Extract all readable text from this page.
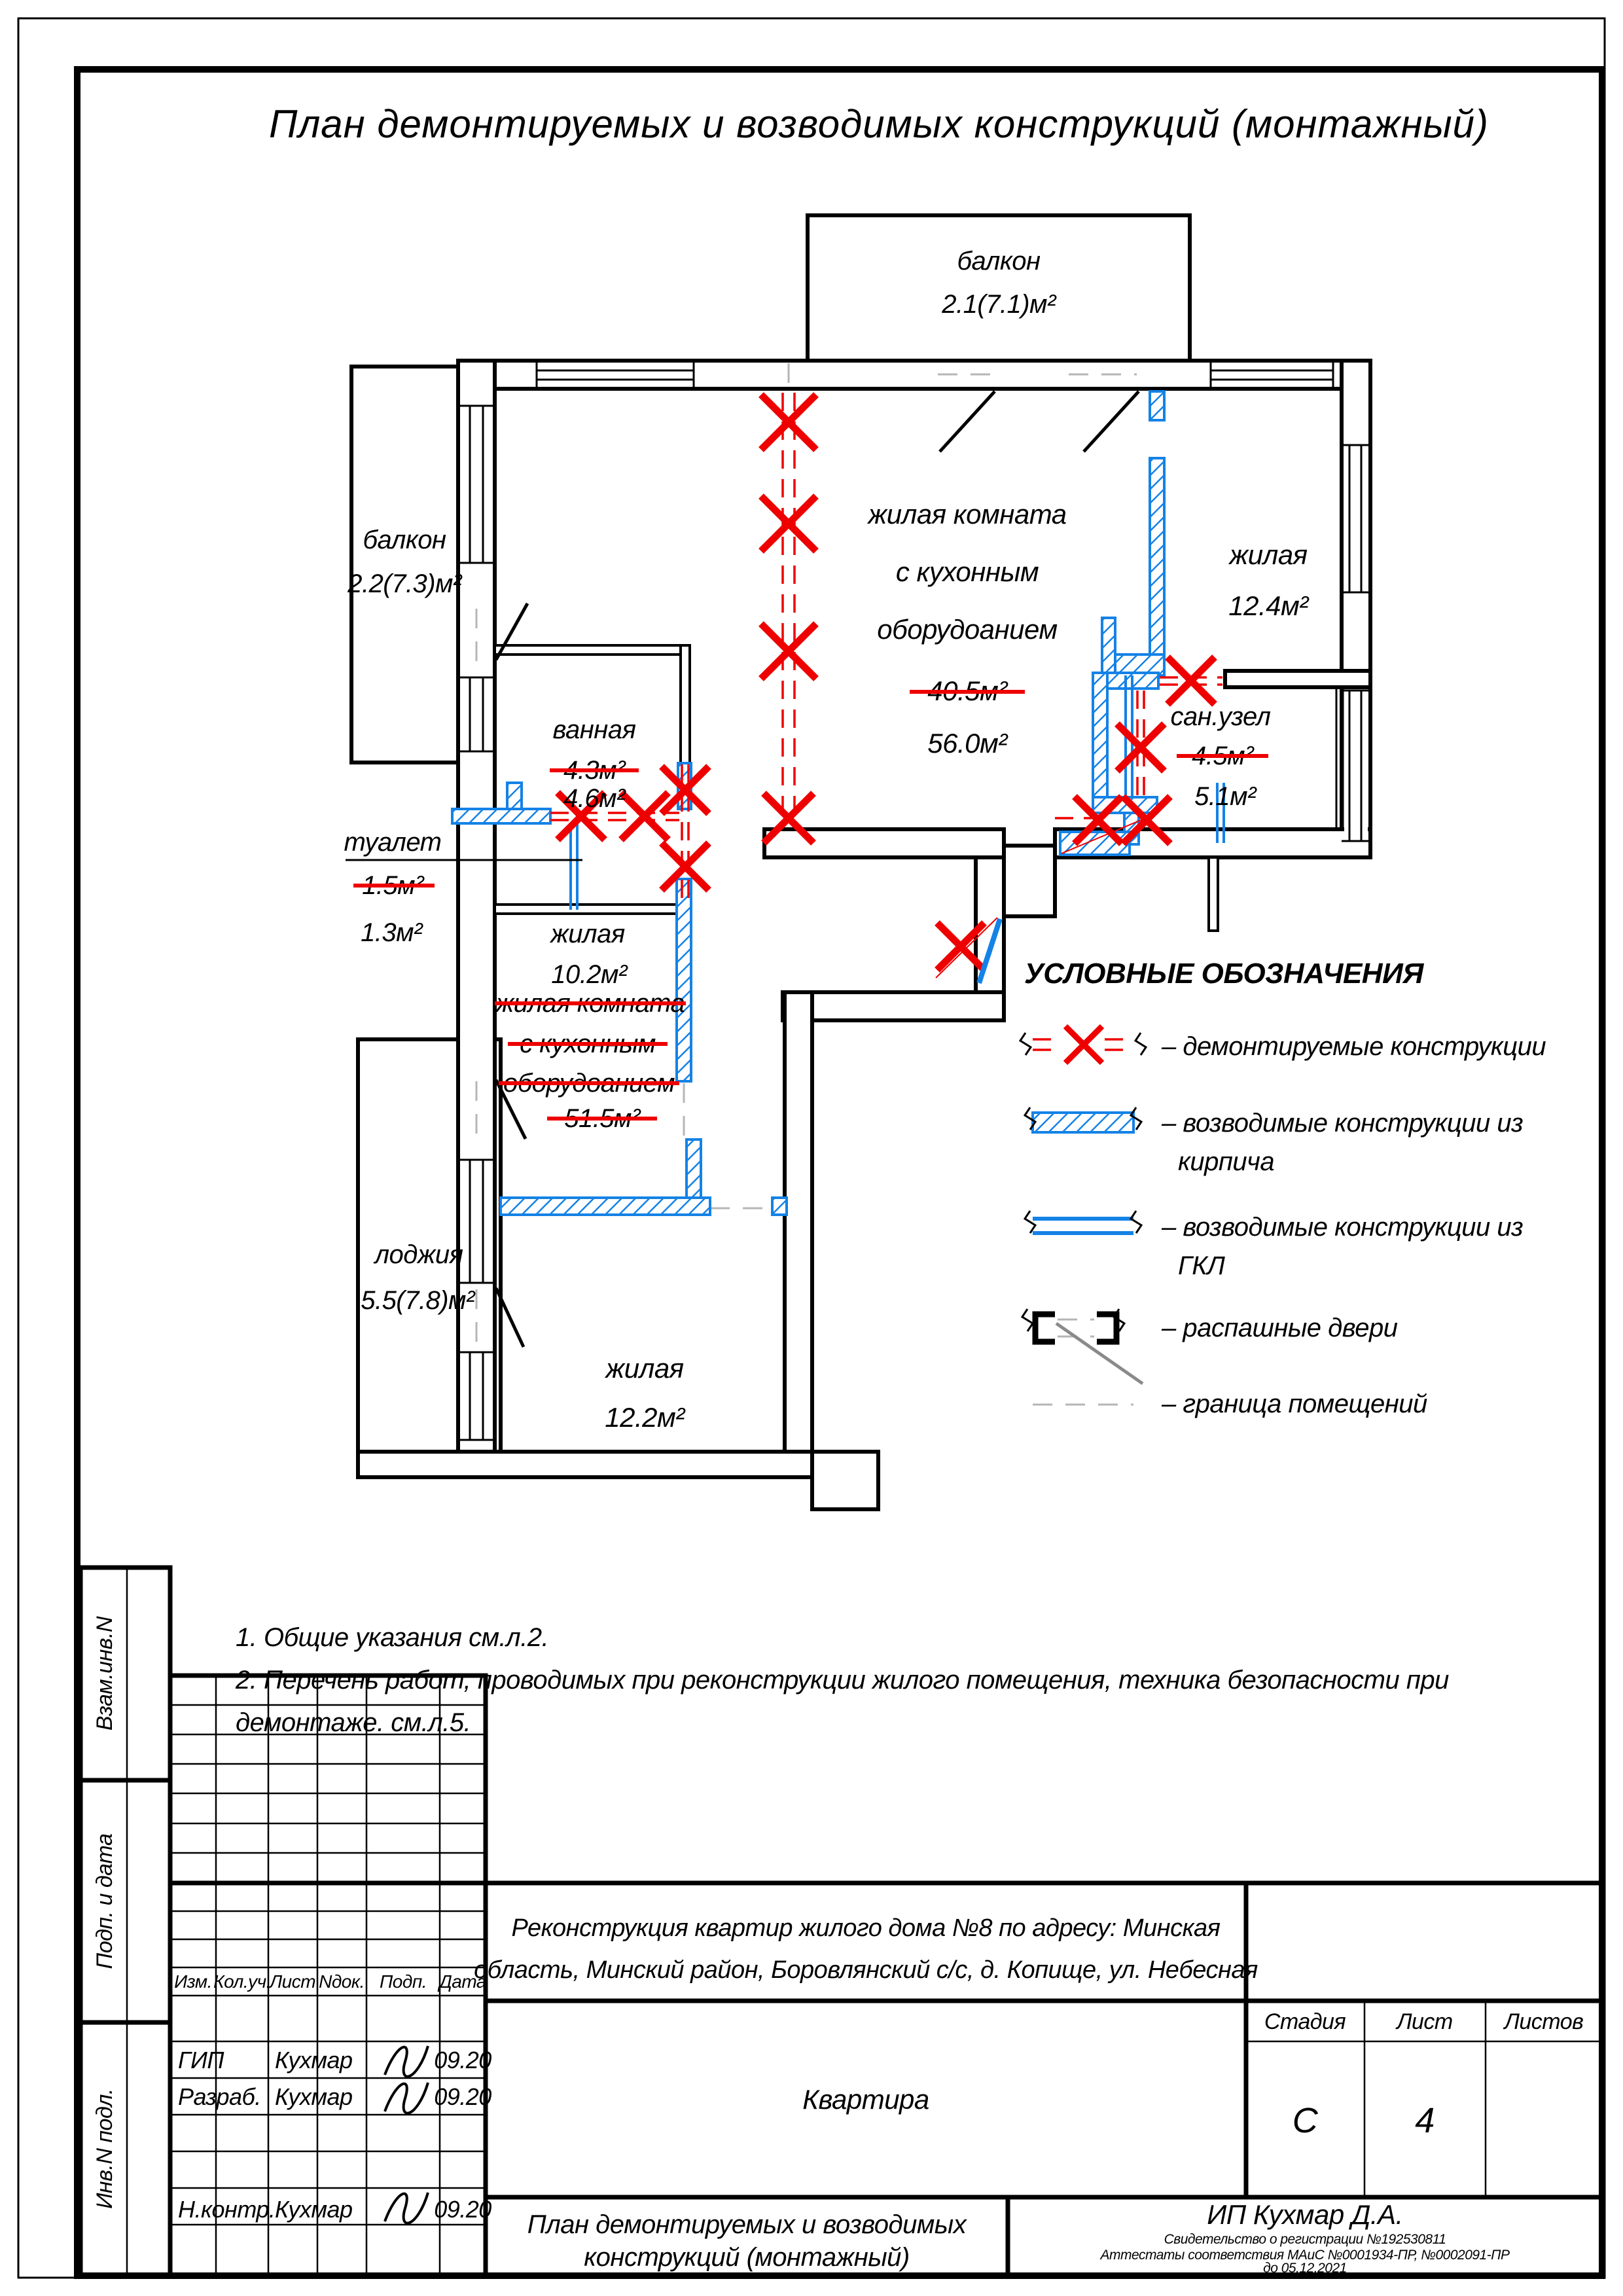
План демонтируемых и возводимых конструкций (монтажный)
балкон
2.1(7.1)м²
балкон
2.2(7.3)м²
жилая комната
с кухонным
оборудоанием
40.5м²
56.0м²
жилая
12.4м²
ванная
4.3м²
4.6м²
сан.узел
4.5м²
5.1м²
туалет
1.5м²
1.3м²	жилая
10.2м²
жилая комната
с кухонным
оборудоанием
51.5м²
лоджия
5.5(7.8)м²
жилая
12.2м²
УСЛОВНЫЕ ОБОЗНАЧЕНИЯ
– демонтируемые конструкции
– возводимые конструкции из
кирпича
– возводимые конструкции из
ГКЛ
– распашные двери
– граница помещений
1. Общие указания см.л.2.
2. Перечень работ, проводимых при реконструкции жилого помещения, техника безопасности при
демонтаже. см.л.5.
Изм. Кол.уч.
Лист Nдок. Подп. Дата
ГИП Кухмар	09.20
Разраб. Кухмар	09.20
Н.контр. Кухмар	09.20
Реконструкция квартир жилого дома №8 по адресу: Минская
область, Минский район, Боровлянский с/с, д. Копище, ул. Небесная
Квартира
Стадия Лист Листов
С	4
План демонтируемых и возводимых
конструкций (монтажный)
ИП Кухмар Д.А.
Свидетельство о регистрации №192530811
Аттестаты соответствия МАиС №0001934-ПР, №0002091-ПР
до 05.12.2021
Взам.инв.N
Подп. и дата
Инв.N подл.
